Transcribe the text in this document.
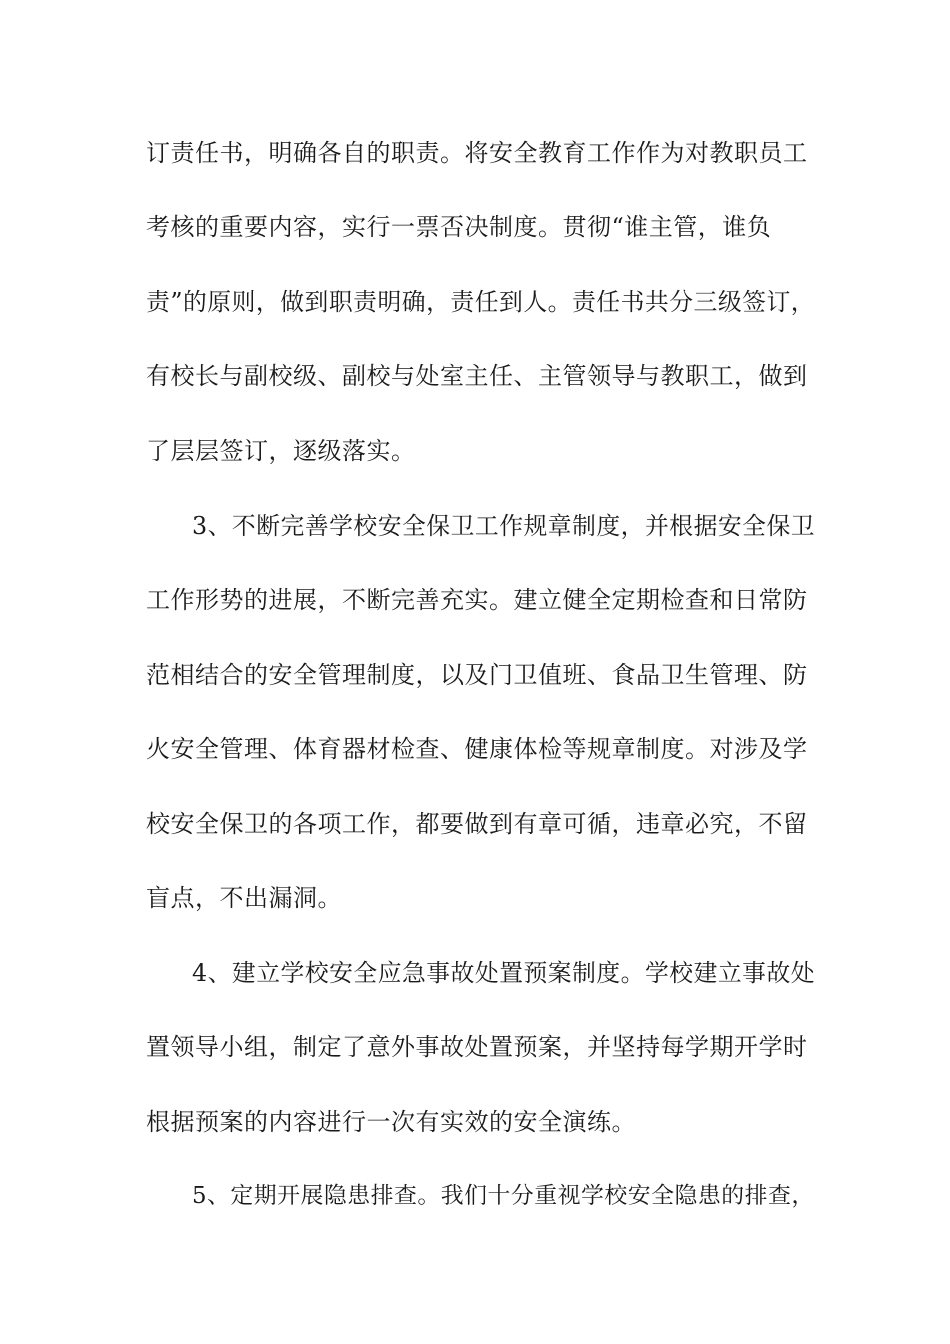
订责任书，明确各自的职责。将安全教育工作作为对教职员工
考核的重要内容，实行一票否决制度。贯彻“谁主管，谁负
责”的原则，做到职责明确，责任到人。责任书共分三级签订，
有校长与副校级、副校与处室主任、主管领导与教职工，做到
了层层签订，逐级落实。
3、不断完善学校安全保卫工作规章制度，并根据安全保卫
工作形势的进展，不断完善充实。建立健全定期检查和日常防
范相结合的安全管理制度，以及门卫值班、食品卫生管理、防
火安全管理、体育器材检查、健康体检等规章制度。对涉及学
校安全保卫的各项工作，都要做到有章可循，违章必究，不留
盲点，不出漏洞。
4、建立学校安全应急事故处置预案制度。学校建立事故处
置领导小组，制定了意外事故处置预案，并坚持每学期开学时
根据预案的内容进行一次有实效的安全演练。
5、定期开展隐患排查。我们十分重视学校安全隐患的排查，
